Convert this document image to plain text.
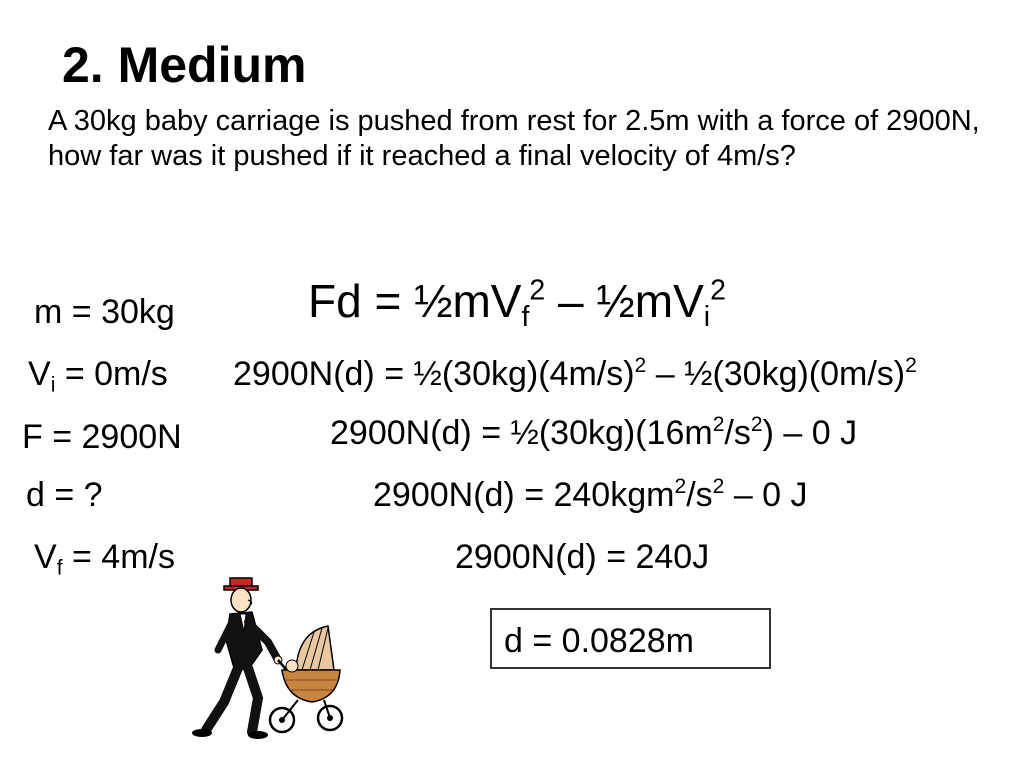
2. Medium
A 30kg baby carriage is pushed from rest for 2.5m with a force of 2900N, how far was it pushed if it reached a final velocity of 4m/s?
m = 30kg
$V_i = 0m/s$
F = 2900N
d = ?
$V_f = 4m/s$
$Fd = \frac{1}{2}mV_f^2$ – $\frac{1}{2}mV_i^2$
$2900N(d) = \frac{1}{2}(30kg)(4m/s)^2$ – $\frac{1}{2}(30kg)(0m/s)^2$
$2900N(d) = \frac{1}{2}(30kg)(16m^2/s^2) - 0$ J
$2900N(d) = 240kgm^2/s^2 - 0$ J
2900N(d) = 240J
d = 0.0828m
